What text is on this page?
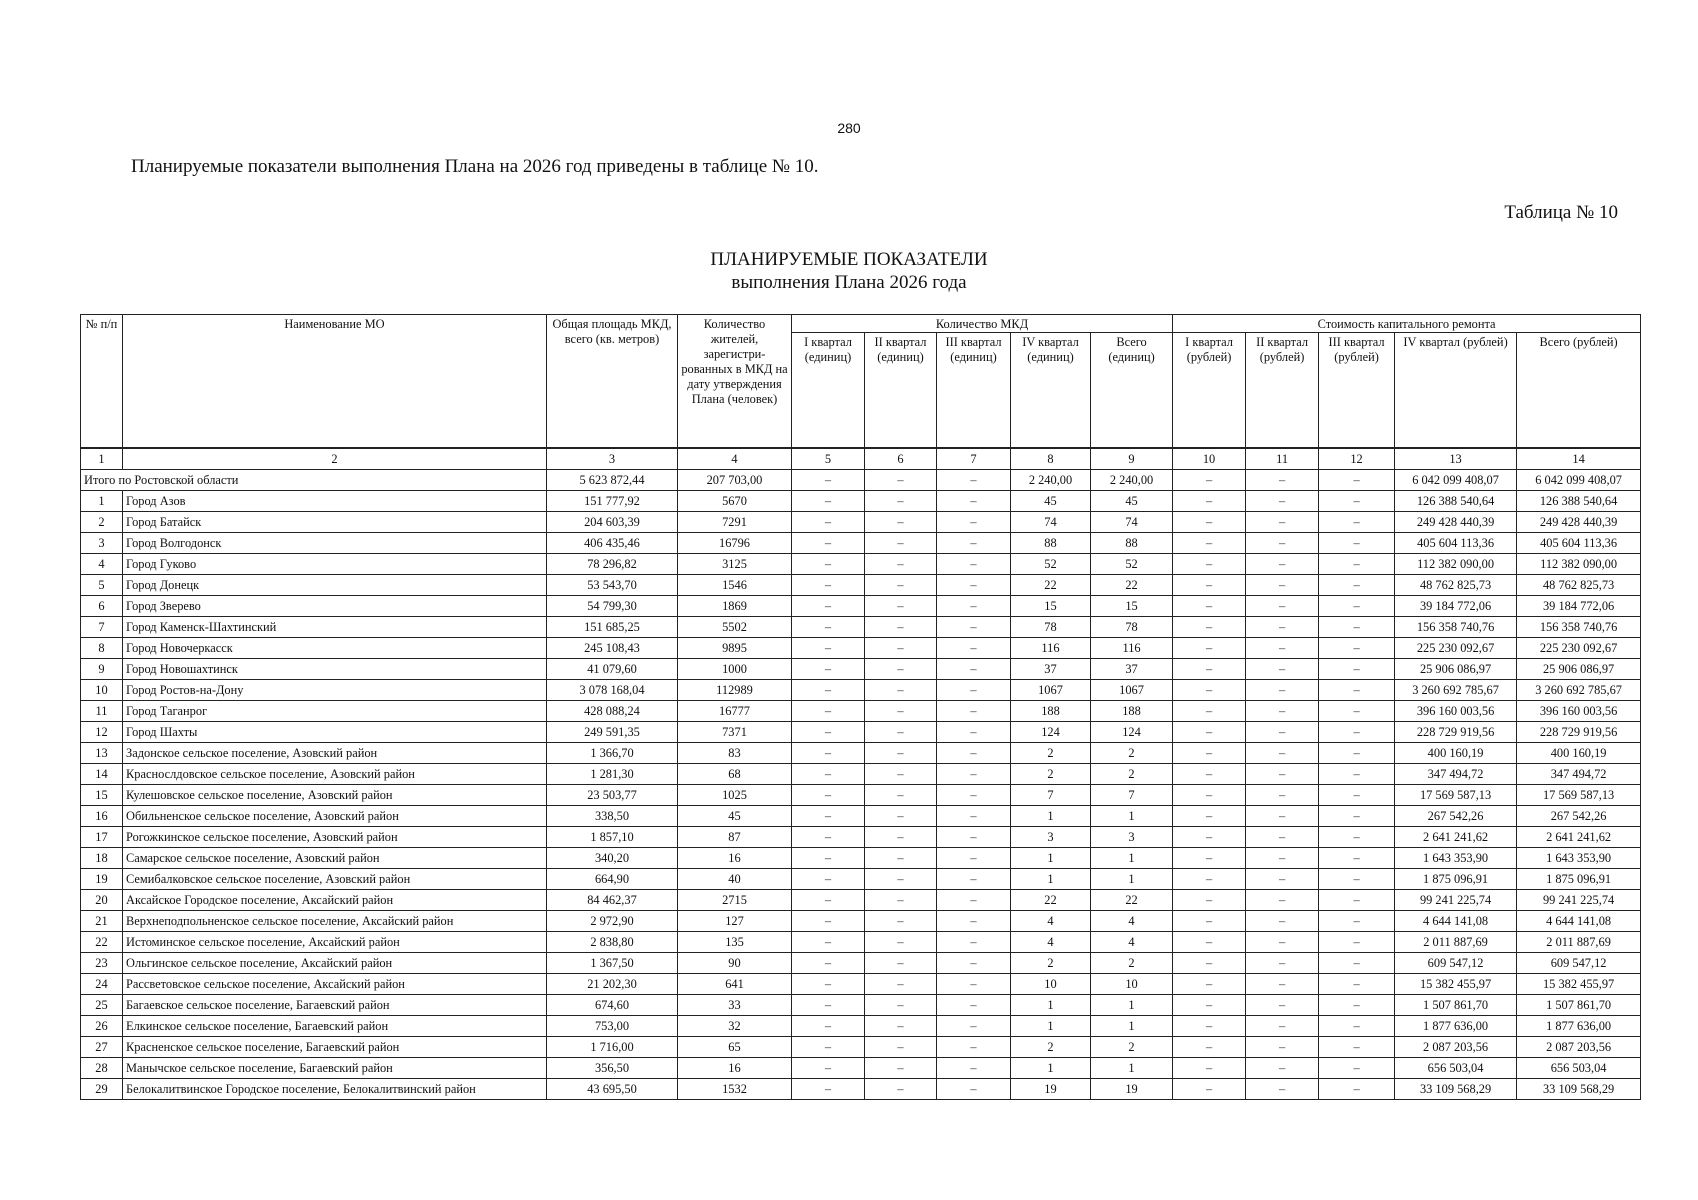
280
Планируемые показатели выполнения Плана на 2026 год приведены в таблице № 10.
Таблица № 10
ПЛАНИРУЕМЫЕ ПОКАЗАТЕЛИ
выполнения Плана 2026 года
№ п/п	Наименование МО	Общая площадь МКД, всего (кв. метров)	Количество жителей, зарегистри-рованных в МКД на дату утверждения Плана (человек)	Количество МКД					Стоимость капитального ремонта				
				I квартал (единиц)	II квартал (единиц)	III квартал (единиц)	IV квартал (единиц)	Всего (единиц)	I квартал (рублей)	II квартал (рублей)	III квартал (рублей)	IV квартал (рублей)	Всего (рублей)
1	2	3	4	5	6	7	8	9	10	11	12	13	14
Итого по Ростовской области		5 623 872,44	207 703,00	–	–	–	2 240,00	2 240,00	–	–	–	6 042 099 408,07	6 042 099 408,07
1	Город Азов	151 777,92	5670	–	–	–	45	45	–	–	–	126 388 540,64	126 388 540,64
2	Город Батайск	204 603,39	7291	–	–	–	74	74	–	–	–	249 428 440,39	249 428 440,39
3	Город Волгодонск	406 435,46	16796	–	–	–	88	88	–	–	–	405 604 113,36	405 604 113,36
4	Город Гуково	78 296,82	3125	–	–	–	52	52	–	–	–	112 382 090,00	112 382 090,00
5	Город Донецк	53 543,70	1546	–	–	–	22	22	–	–	–	48 762 825,73	48 762 825,73
6	Город Зверево	54 799,30	1869	–	–	–	15	15	–	–	–	39 184 772,06	39 184 772,06
7	Город Каменск-Шахтинский	151 685,25	5502	–	–	–	78	78	–	–	–	156 358 740,76	156 358 740,76
8	Город Новочеркасск	245 108,43	9895	–	–	–	116	116	–	–	–	225 230 092,67	225 230 092,67
9	Город Новошахтинск	41 079,60	1000	–	–	–	37	37	–	–	–	25 906 086,97	25 906 086,97
10	Город Ростов-на-Дону	3 078 168,04	112989	–	–	–	1067	1067	–	–	–	3 260 692 785,67	3 260 692 785,67
11	Город Таганрог	428 088,24	16777	–	–	–	188	188	–	–	–	396 160 003,56	396 160 003,56
12	Город Шахты	249 591,35	7371	–	–	–	124	124	–	–	–	228 729 919,56	228 729 919,56
13	Задонское сельское поселение, Азовский район	1 366,70	83	–	–	–	2	2	–	–	–	400 160,19	400 160,19
14	Краснослдовское сельское поселение, Азовский район	1 281,30	68	–	–	–	2	2	–	–	–	347 494,72	347 494,72
15	Кулешовское сельское поселение, Азовский район	23 503,77	1025	–	–	–	7	7	–	–	–	17 569 587,13	17 569 587,13
16	Обильненское сельское поселение, Азовский район	338,50	45	–	–	–	1	1	–	–	–	267 542,26	267 542,26
17	Рогожкинское сельское поселение, Азовский район	1 857,10	87	–	–	–	3	3	–	–	–	2 641 241,62	2 641 241,62
18	Самарское сельское поселение, Азовский район	340,20	16	–	–	–	1	1	–	–	–	1 643 353,90	1 643 353,90
19	Семибалковское сельское поселение, Азовский район	664,90	40	–	–	–	1	1	–	–	–	1 875 096,91	1 875 096,91
20	Аксайское Городское поселение, Аксайский район	84 462,37	2715	–	–	–	22	22	–	–	–	99 241 225,74	99 241 225,74
21	Верхнеподпольненское сельское поселение, Аксайский район	2 972,90	127	–	–	–	4	4	–	–	–	4 644 141,08	4 644 141,08
22	Истоминское сельское поселение, Аксайский район	2 838,80	135	–	–	–	4	4	–	–	–	2 011 887,69	2 011 887,69
23	Ольгинское сельское поселение, Аксайский район	1 367,50	90	–	–	–	2	2	–	–	–	609 547,12	609 547,12
24	Рассветовское сельское поселение, Аксайский район	21 202,30	641	–	–	–	10	10	–	–	–	15 382 455,97	15 382 455,97
25	Багаевское сельское поселение, Багаевский район	674,60	33	–	–	–	1	1	–	–	–	1 507 861,70	1 507 861,70
26	Елкинское сельское поселение, Багаевский район	753,00	32	–	–	–	1	1	–	–	–	1 877 636,00	1 877 636,00
27	Красненское сельское поселение, Багаевский район	1 716,00	65	–	–	–	2	2	–	–	–	2 087 203,56	2 087 203,56
28	Манычское сельское поселение, Багаевский район	356,50	16	–	–	–	1	1	–	–	–	656 503,04	656 503,04
29	Белокалитвинское Городское поселение, Белокалитвинский район	43 695,50	1532	–	–	–	19	19	–	–	–	33 109 568,29	33 109 568,29
